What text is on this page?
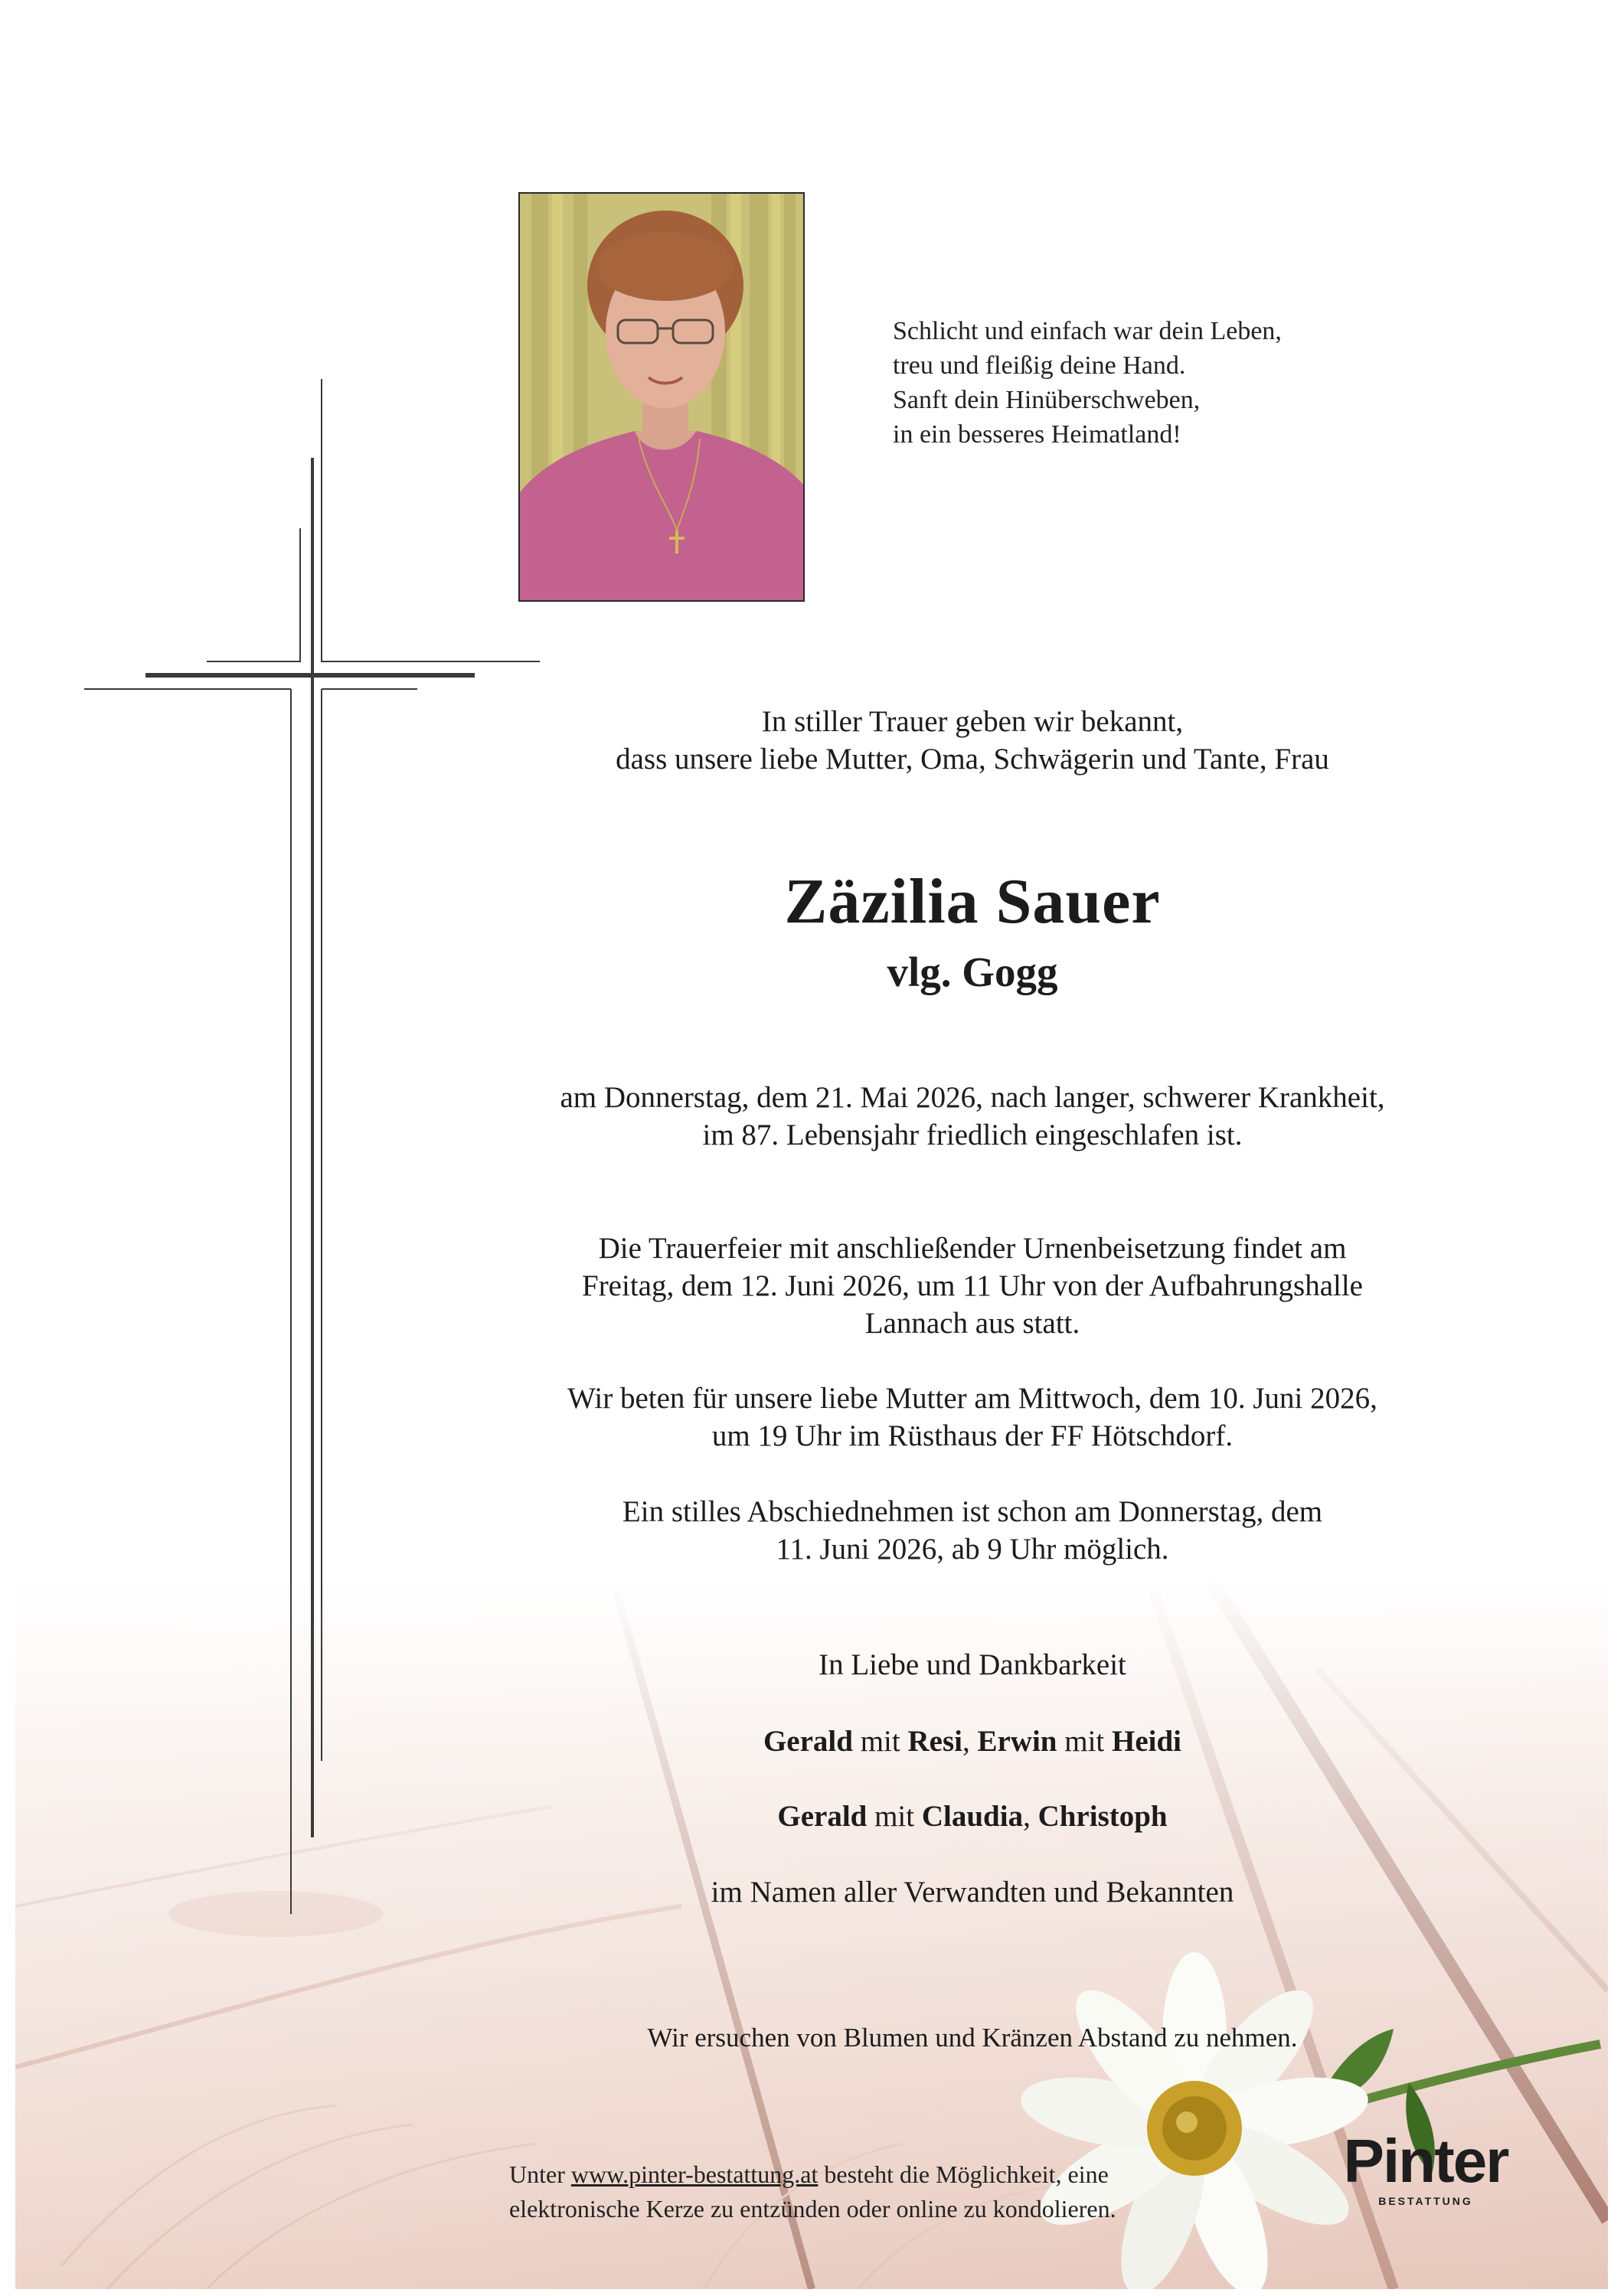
Schlicht und einfach war dein Leben,
treu und fleißig deine Hand.
Sanft dein Hinüberschweben,
in ein besseres Heimatland!
In stiller Trauer geben wir bekannt,
dass unsere liebe Mutter, Oma, Schwägerin und Tante, Frau
Zäzilia Sauer
vlg. Gogg
am Donnerstag, dem 21. Mai 2026, nach langer, schwerer Krankheit,
im 87. Lebensjahr friedlich eingeschlafen ist.
Die Trauerfeier mit anschließender Urnenbeisetzung findet am
Freitag, dem 12. Juni 2026, um 11 Uhr von der Aufbahrungshalle
Lannach aus statt.
Wir beten für unsere liebe Mutter am Mittwoch, dem 10. Juni 2026,
um 19 Uhr im Rüsthaus der FF Hötschdorf.
Ein stilles Abschiednehmen ist schon am Donnerstag, dem
11. Juni 2026, ab 9 Uhr möglich.
In Liebe und Dankbarkeit
Gerald mit Resi, Erwin mit Heidi
Gerald mit Claudia, Christoph
im Namen aller Verwandten und Bekannten
Wir ersuchen von Blumen und Kränzen Abstand zu nehmen.
Unter www.pinter-bestattung.at besteht die Möglichkeit, eine
elektronische Kerze zu entzünden oder online zu kondolieren.
Pinter
BESTATTUNG
